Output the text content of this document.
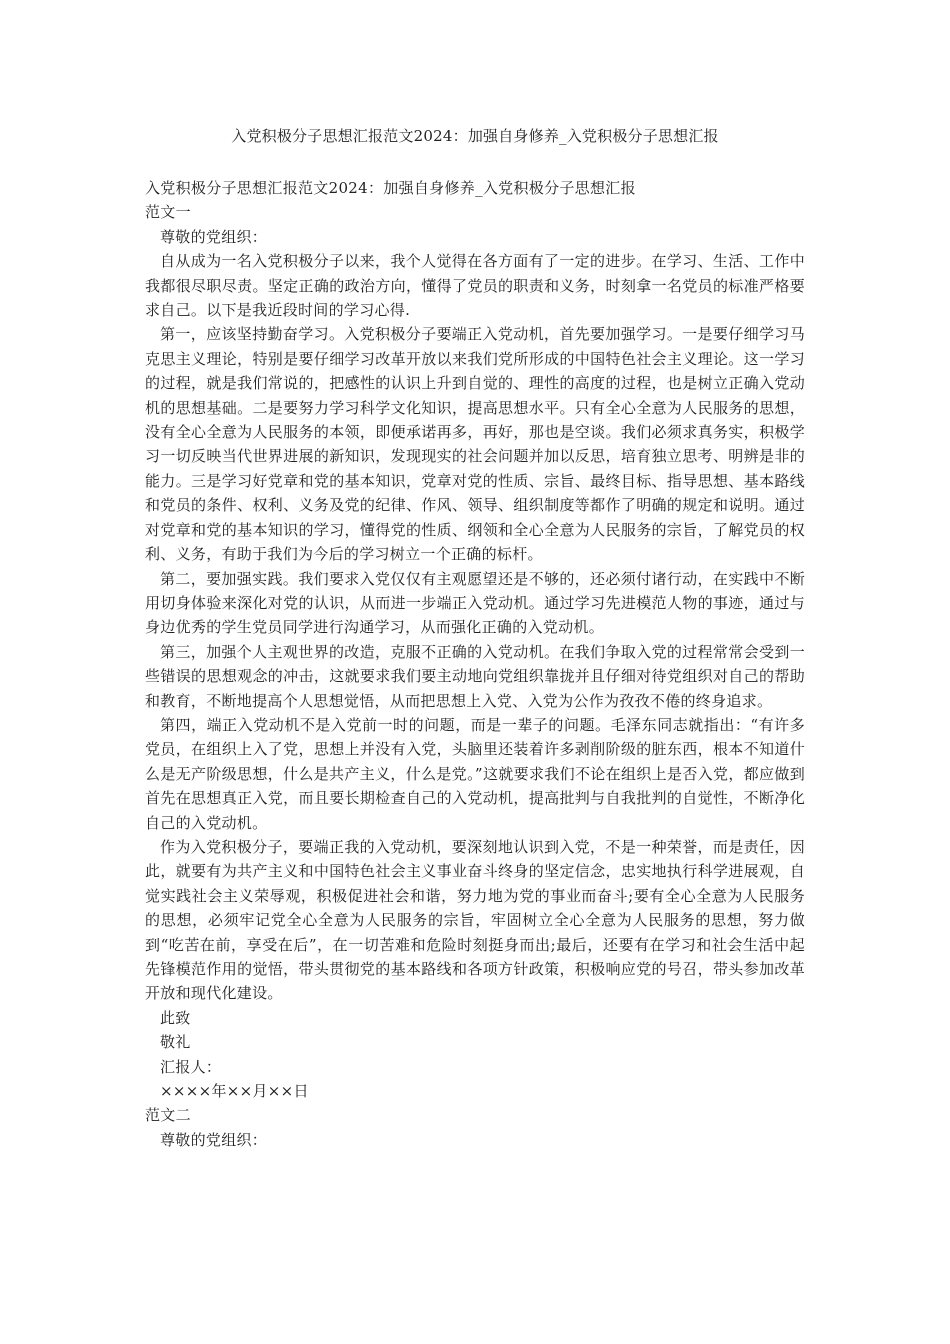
入党积极分子思想汇报范文2024：加强自身修养_入党积极分子思想汇报

入党积极分子思想汇报范文2024：加强自身修养_入党积极分子思想汇报

范文一

尊敬的党组织：

自从成为一名入党积极分子以来，我个人觉得在各方面有了一定的进步。在学习、生活、工作中我都很尽职尽责。坚定正确的政治方向，懂得了党员的职责和义务，时刻拿一名党员的标准严格要求自己。以下是我近段时间的学习心得.

第一，应该坚持勤奋学习。入党积极分子要端正入党动机，首先要加强学习。一是要仔细学习马克思主义理论，特别是要仔细学习改革开放以来我们党所形成的中国特色社会主义理论。这一学习的过程，就是我们常说的，把感性的认识上升到自觉的、理性的高度的过程，也是树立正确入党动机的思想基础。二是要努力学习科学文化知识，提高思想水平。只有全心全意为人民服务的思想，没有全心全意为人民服务的本领，即便承诺再多，再好，那也是空谈。我们必须求真务实，积极学习一切反映当代世界进展的新知识，发现现实的社会问题并加以反思，培育独立思考、明辨是非的能力。三是学习好党章和党的基本知识，党章对党的性质、宗旨、最终目标、指导思想、基本路线和党员的条件、权利、义务及党的纪律、作风、领导、组织制度等都作了明确的规定和说明。通过对党章和党的基本知识的学习，懂得党的性质、纲领和全心全意为人民服务的宗旨，了解党员的权利、义务，有助于我们为今后的学习树立一个正确的标杆。

第二，要加强实践。我们要求入党仅仅有主观愿望还是不够的，还必须付诸行动，在实践中不断用切身体验来深化对党的认识，从而进一步端正入党动机。通过学习先进模范人物的事迹，通过与身边优秀的学生党员同学进行沟通学习，从而强化正确的入党动机。

第三，加强个人主观世界的改造，克服不正确的入党动机。在我们争取入党的过程常常会受到一些错误的思想观念的冲击，这就要求我们要主动地向党组织靠拢并且仔细对待党组织对自己的帮助和教育，不断地提高个人思想觉悟，从而把思想上入党、入党为公作为孜孜不倦的终身追求。

第四，端正入党动机不是入党前一时的问题，而是一辈子的问题。毛泽东同志就指出：“有许多党员，在组织上入了党，思想上并没有入党，头脑里还装着许多剥削阶级的脏东西，根本不知道什么是无产阶级思想，什么是共产主义，什么是党。”这就要求我们不论在组织上是否入党，都应做到首先在思想真正入党，而且要长期检查自己的入党动机，提高批判与自我批判的自觉性，不断净化自己的入党动机。

作为入党积极分子，要端正我的入党动机，要深刻地认识到入党，不是一种荣誉，而是责任，因此，就要有为共产主义和中国特色社会主义事业奋斗终身的坚定信念，忠实地执行科学进展观，自觉实践社会主义荣辱观，积极促进社会和谐，努力地为党的事业而奋斗;要有全心全意为人民服务的思想，必须牢记党全心全意为人民服务的宗旨，牢固树立全心全意为人民服务的思想，努力做到“吃苦在前，享受在后”，在一切苦难和危险时刻挺身而出;最后，还要有在学习和社会生活中起先锋模范作用的觉悟，带头贯彻党的基本路线和各项方针政策，积极响应党的号召，带头参加改革开放和现代化建设。

此致

敬礼

汇报人：

××××年××月××日

范文二

尊敬的党组织：
